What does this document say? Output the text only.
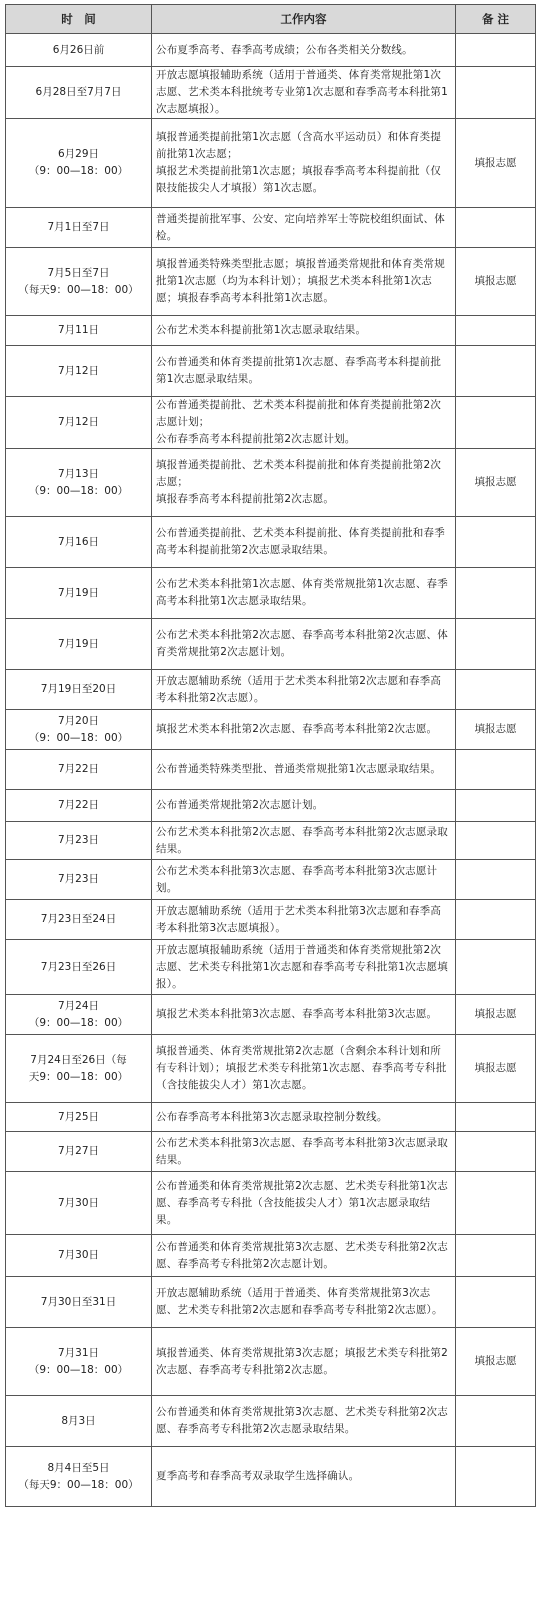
时　间	工作内容	备 注

6月26日前	公布夏季高考、春季高考成绩；公布各类相关分数线。	

6月28日至7月7日	开放志愿填报辅助系统（适用于普通类、体育类常规批第1次志愿、艺术类本科批统考专业第1次志愿和春季高考本科批第1次志愿填报）。	

6月29日
（9：00—18：00）	填报普通类提前批第1次志愿（含高水平运动员）和体育类提前批第1次志愿；
填报艺术类提前批第1次志愿；填报春季高考本科提前批（仅限技能拔尖人才填报）第1次志愿。	填报志愿

7月1日至7日	普通类提前批军事、公安、定向培养军士等院校组织面试、体检。	

7月5日至7日
（每天9：00—18：00）	填报普通类特殊类型批志愿；填报普通类常规批和体育类常规批第1次志愿（均为本科计划）；填报艺术类本科批第1次志愿；填报春季高考本科批第1次志愿。	填报志愿

7月11日	公布艺术类本科提前批第1次志愿录取结果。	

7月12日	公布普通类和体育类提前批第1次志愿、春季高考本科提前批第1次志愿录取结果。	

7月12日	公布普通类提前批、艺术类本科提前批和体育类提前批第2次志愿计划；
公布春季高考本科提前批第2次志愿计划。	

7月13日
（9：00—18：00）	填报普通类提前批、艺术类本科提前批和体育类提前批第2次志愿；
填报春季高考本科提前批第2次志愿。	填报志愿

7月16日	公布普通类提前批、艺术类本科提前批、体育类提前批和春季高考本科提前批第2次志愿录取结果。	

7月19日	公布艺术类本科批第1次志愿、体育类常规批第1次志愿、春季高考本科批第1次志愿录取结果。	

7月19日	公布艺术类本科批第2次志愿、春季高考本科批第2次志愿、体育类常规批第2次志愿计划。	

7月19日至20日	开放志愿辅助系统（适用于艺术类本科批第2次志愿和春季高考本科批第2次志愿）。	

7月20日
（9：00—18：00）	填报艺术类本科批第2次志愿、春季高考本科批第2次志愿。	填报志愿

7月22日	公布普通类特殊类型批、普通类常规批第1次志愿录取结果。	

7月22日	公布普通类常规批第2次志愿计划。	

7月23日	公布艺术类本科批第2次志愿、春季高考本科批第2次志愿录取结果。	

7月23日	公布艺术类本科批第3次志愿、春季高考本科批第3次志愿计划。	

7月23日至24日	开放志愿辅助系统（适用于艺术类本科批第3次志愿和春季高考本科批第3次志愿填报）。	

7月23日至26日	开放志愿填报辅助系统（适用于普通类和体育类常规批第2次志愿、艺术类专科批第1次志愿和春季高考专科批第1次志愿填报）。	

7月24日
（9：00—18：00）	填报艺术类本科批第3次志愿、春季高考本科批第3次志愿。	填报志愿

7月24日至26日（每
天9：00—18：00）	填报普通类、体育类常规批第2次志愿（含剩余本科计划和所有专科计划）；填报艺术类专科批第1次志愿、春季高考专科批（含技能拔尖人才）第1次志愿。	填报志愿

7月25日	公布春季高考本科批第3次志愿录取控制分数线。	

7月27日	公布艺术类本科批第3次志愿、春季高考本科批第3次志愿录取结果。	

7月30日	公布普通类和体育类常规批第2次志愿、艺术类专科批第1次志愿、春季高考专科批（含技能拔尖人才）第1次志愿录取结果。	

7月30日	公布普通类和体育类常规批第3次志愿、艺术类专科批第2次志愿、春季高考专科批第2次志愿计划。	

7月30日至31日	开放志愿辅助系统（适用于普通类、体育类常规批第3次志愿、艺术类专科批第2次志愿和春季高考专科批第2次志愿）。	

7月31日
（9：00—18：00）	填报普通类、体育类常规批第3次志愿；填报艺术类专科批第2次志愿、春季高考专科批第2次志愿。	填报志愿

8月3日	公布普通类和体育类常规批第3次志愿、艺术类专科批第2次志愿、春季高考专科批第2次志愿录取结果。	

8月4日至5日
（每天9：00—18：00）	夏季高考和春季高考双录取学生选择确认。	
